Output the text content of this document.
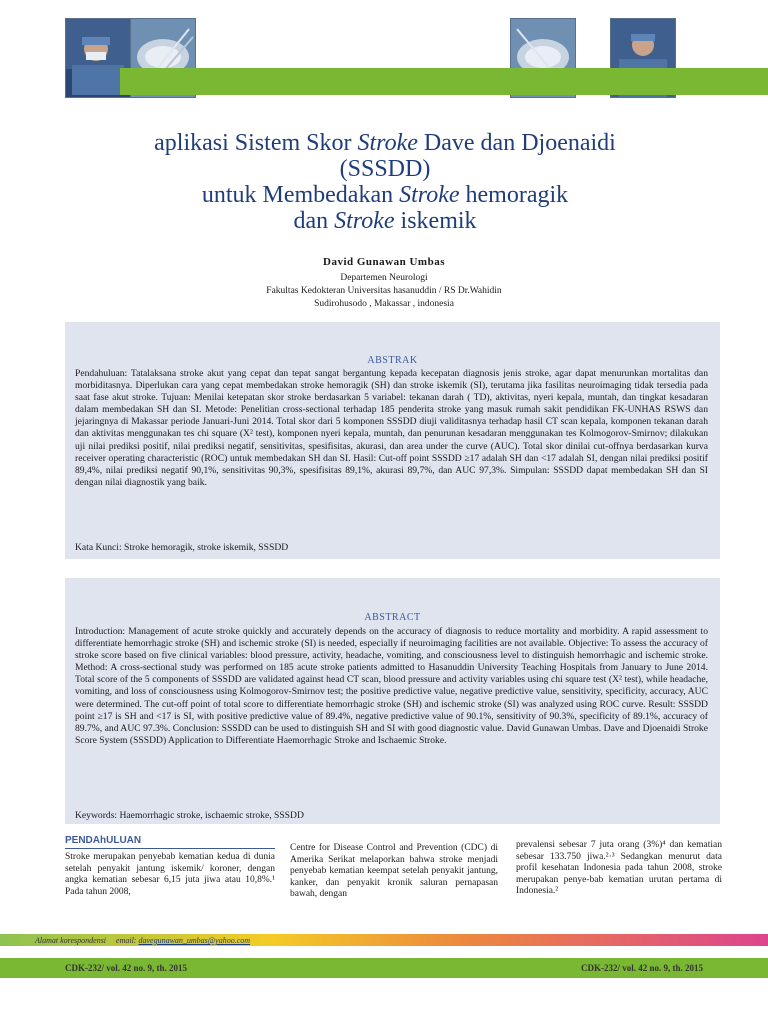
aplikasi Sistem Skor Stroke Dave dan Djoenaidi
(SSSDD)
untuk Membedakan Stroke hemoragik
dan Stroke iskemik
David Gunawan Umbas
Departemen Neurologi
Fakultas Kedokteran Universitas hasanuddin / RS Dr.Wahidin
Sudirohusodo , Makassar , indonesia
ABSTRAK
Pendahuluan: Tatalaksana stroke akut yang cepat dan tepat sangat bergantung kepada kecepatan diagnosis jenis stroke, agar dapat menurunkan mortalitas dan morbiditasnya. Diperlukan cara yang cepat membedakan stroke hemoragik (SH) dan stroke iskemik (SI), terutama jika fasilitas neuroimaging tidak tersedia pada saat fase akut stroke. Tujuan: Menilai ketepatan skor stroke berdasarkan 5 variabel: tekanan darah ( TD), aktivitas, nyeri kepala, muntah, dan tingkat kesadaran dalam membedakan SH dan SI. Metode: Penelitian cross-sectional terhadap 185 penderita stroke yang masuk rumah sakit pendidikan FK-UNHAS RSWS dan jejaringnya di Makassar periode Januari-Juni 2014. Total skor dari 5 komponen SSSDD diuji validitasnya terhadap hasil CT scan kepala, komponen tekanan darah dan aktivitas menggunakan tes chi square (X² test), komponen nyeri kepala, muntah, dan penurunan kesadaran menggunakan tes Kolmogorov-Smirnov; dilakukan uji nilai prediksi positif, nilai prediksi negatif, sensitivitas, spesifisitas, akurasi, dan area under the curve (AUC). Total skor dinilai cut-offnya berdasarkan kurva receiver operating characteristic (ROC) untuk membedakan SH dan SI. Hasil: Cut-off point SSSDD ≥17 adalah SH dan <17 adalah SI, dengan nilai prediksi positif 89,4%, nilai prediksi negatif 90,1%, sensitivitas 90,3%, spesifisitas 89,1%, akurasi 89,7%, dan AUC 97,3%. Simpulan: SSSDD dapat membedakan SH dan SI dengan nilai diagnostik yang baik.
Kata Kunci: Stroke hemoragik, stroke iskemik, SSSDD
ABSTRACT
Introduction: Management of acute stroke quickly and accurately depends on the accuracy of diagnosis to reduce mortality and morbidity. A rapid assessment to differentiate hemorrhagic stroke (SH) and ischemic stroke (SI) is needed, especially if neuroimaging facilities are not available. Objective: To assess the accuracy of stroke score based on five clinical variables: blood pressure, activity, headache, vomiting, and consciousness level to distinguish hemorrhagic and ischemic stroke. Method: A cross-sectional study was performed on 185 acute stroke patients admitted to Hasanuddin University Teaching Hospitals from January to June 2014. Total score of the 5 components of SSSDD are validated against head CT scan, blood pressure and activity variables using chi square test (X² test), while headache, vomiting, and loss of consciousness using Kolmogorov-Smirnov test; the positive predictive value, negative predictive value, sensitivity, specificity, accuracy, AUC were determined. The cut-off point of total score to differentiate hemorrhagic stroke (SH) and ischemic stroke (SI) was analyzed using ROC curve. Result: SSSDD point ≥17 is SH and <17 is SI, with positive predictive value of 89.4%, negative predictive value of 90.1%, sensitivity of 90.3%, specificity of 89.1%, accuracy of 89.7%, and AUC 97.3%. Conclusion: SSSDD can be used to distinguish SH and SI with good diagnostic value. David Gunawan Umbas. Dave and Djoenaidi Stroke Score System (SSSDD) Application to Differentiate Haemorrhagic Stroke and Ischaemic Stroke.
Keywords: Haemorrhagic stroke, ischaemic stroke, SSSDD
PENDAhULUAN
Stroke merupakan penyebab kematian kedua di dunia setelah penyakit jantung iskemik/ koroner, dengan angka kematian sebesar 6,15 juta jiwa atau 10,8%.¹ Pada tahun 2008,
Centre for Disease Control and Prevention (CDC) di Amerika Serikat melaporkan bahwa stroke menjadi penyebab kematian keempat setelah penyakit jantung, kanker, dan penyakit kronik saluran pernapasan bawah, dengan
prevalensi sebesar 7 juta orang (3%)⁴ dan kematian sebesar 133.750 jiwa.²·³ Sedangkan menurut data profil kesehatan Indonesia pada tahun 2008, stroke merupakan penye-bab kematian urutan pertama di Indonesia.²
Alamat korespondensi email: davegunawan_umbas@yahoo.com
CDK-232/ vol. 42 no. 9, th. 2015	CDK-232/ vol. 42 no. 9, th. 2015
